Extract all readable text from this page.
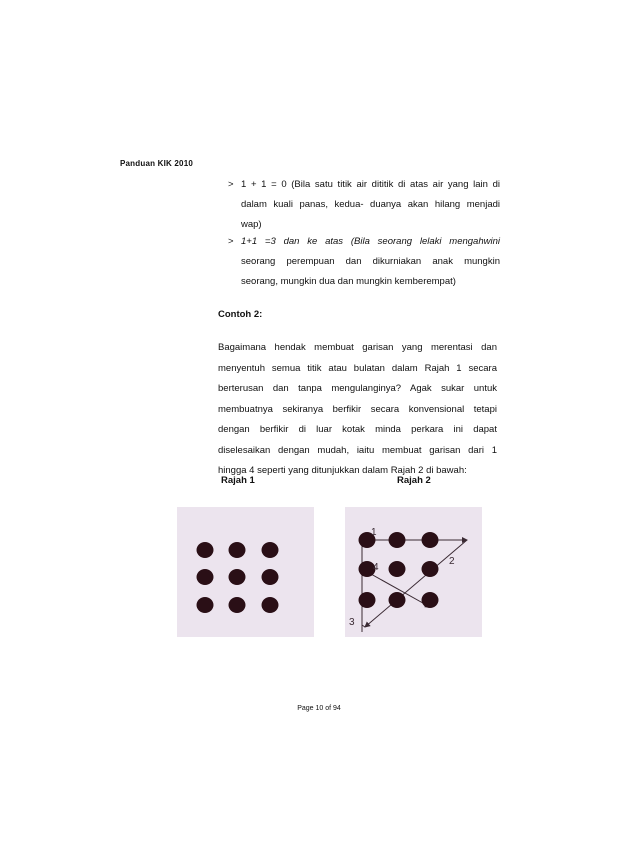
Panduan KIK 2010
> 1 + 1 = 0 (Bila satu titik air dititik di atas air yang lain di
dalam kuali panas, kedua- duanya akan hilang menjadi
wap)
> 1+1 =3 dan ke atas (Bila seorang lelaki mengahwini
seorang perempuan dan dikurniakan anak mungkin
seorang, mungkin dua dan mungkin kemberempat)
Contoh 2:
Bagaimana hendak membuat garisan yang merentasi dan
menyentuh semua titik atau bulatan dalam Rajah 1 secara
berterusan dan tanpa mengulanginya? Agak sukar untuk
membuatnya sekiranya berfikir secara konvensional tetapi
dengan berfikir di luar kotak minda perkara ini dapat
diselesaikan dengan mudah, iaitu membuat garisan dari 1
hingga 4 seperti yang ditunjukkan dalam Rajah 2 di bawah:
Rajah 1	Rajah 2
1
2
3
4
Page 10 of 94
